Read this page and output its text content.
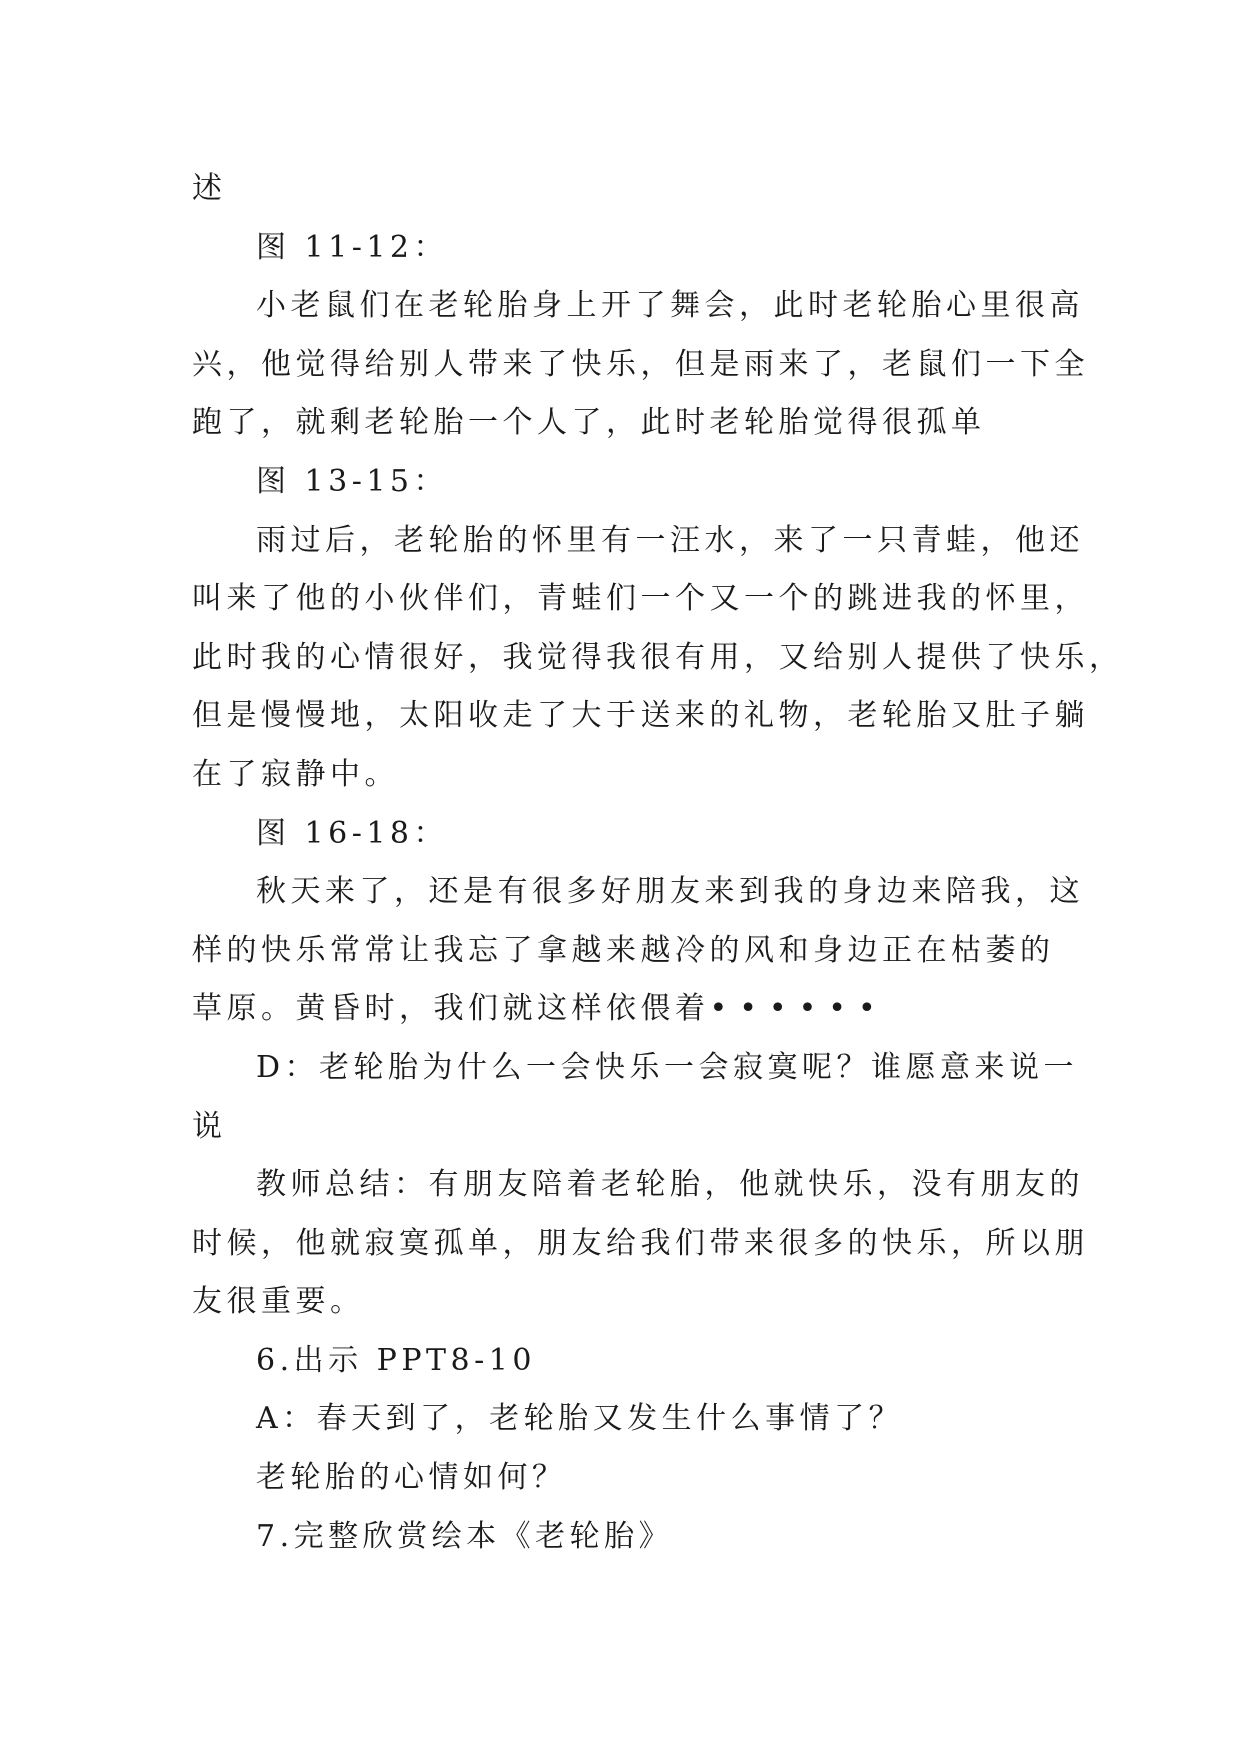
述
图 11-12：
小老鼠们在老轮胎身上开了舞会，此时老轮胎心里很高
兴，他觉得给别人带来了快乐，但是雨来了，老鼠们一下全
跑了，就剩老轮胎一个人了，此时老轮胎觉得很孤单
图 13-15：
雨过后，老轮胎的怀里有一汪水，来了一只青蛙，他还
叫来了他的小伙伴们，青蛙们一个又一个的跳进我的怀里，
此时我的心情很好，我觉得我很有用，又给别人提供了快乐，
但是慢慢地，太阳收走了大于送来的礼物，老轮胎又肚子躺
在了寂静中。
图 16-18：
秋天来了，还是有很多好朋友来到我的身边来陪我，这
样的快乐常常让我忘了拿越来越冷的风和身边正在枯萎的
草原。黄昏时，我们就这样依偎着••••••
D：老轮胎为什么一会快乐一会寂寞呢？谁愿意来说一
说
教师总结：有朋友陪着老轮胎，他就快乐，没有朋友的
时候，他就寂寞孤单，朋友给我们带来很多的快乐，所以朋
友很重要。
6.出示 PPT8-10
A：春天到了，老轮胎又发生什么事情了？
老轮胎的心情如何？
7.完整欣赏绘本《老轮胎》
